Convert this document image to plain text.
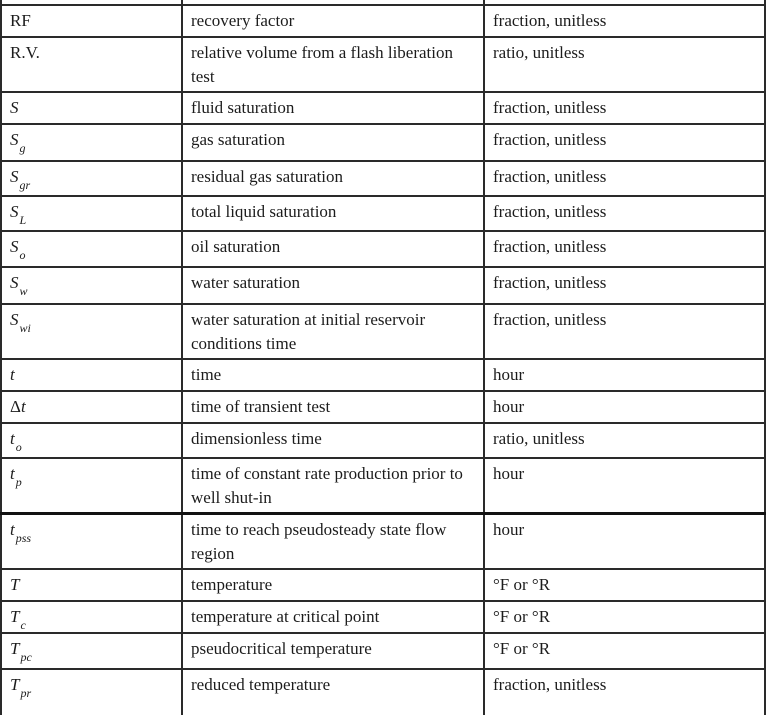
RF	recovery factor	fraction, unitless
R.V.	relative volume from a flash liberation test	ratio, unitless
S	fluid saturation	fraction, unitless
$S_g$	gas saturation	fraction, unitless
$S_{gr}$	residual gas saturation	fraction, unitless
$S_L$	total liquid saturation	fraction, unitless
$S_o$	oil saturation	fraction, unitless
$S_w$	water saturation	fraction, unitless
$S_{wi}$	water saturation at initial reservoir conditions time	fraction, unitless
t	time	hour
Δt	time of transient test	hour
$t_o$	dimensionless time	ratio, unitless
$t_p$	time of constant rate production prior to well shut-in	hour
$t_{pss}$	time to reach pseudosteady state flow region	hour
T	temperature	°F or °R
$T_c$	temperature at critical point	°F or °R
$T_{pc}$	pseudocritical temperature	°F or °R
$T_{pr}$	reduced temperature	fraction, unitless
